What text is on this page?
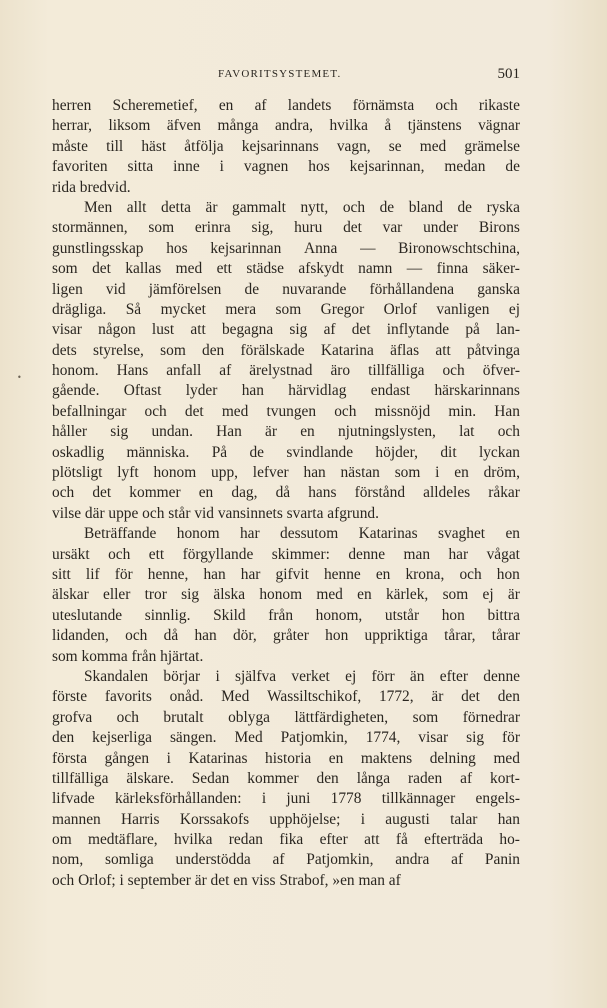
FAVORITSYSTEMET.	501
•
herren Scheremetief, en af landets förnämsta och rikaste
herrar, liksom äfven många andra, hvilka å tjänstens vägnar
måste till häst åtfölja kejsarinnans vagn, se med grämelse
favoriten sitta inne i vagnen hos kejsarinnan, medan de
rida bredvid.
Men allt detta är gammalt nytt, och de bland de ryska
stormännen, som erinra sig, huru det var under Birons
gunstlingsskap hos kejsarinnan Anna — Bironowschtschina,
som det kallas med ett städse afskydt namn — finna säker-
ligen vid jämförelsen de nuvarande förhållandena ganska
drägliga. Så mycket mera som Gregor Orlof vanligen ej
visar någon lust att begagna sig af det inflytande på lan-
dets styrelse, som den förälskade Katarina äflas att påtvinga
honom. Hans anfall af ärelystnad äro tillfälliga och öfver-
gående. Oftast lyder han härvidlag endast härskarinnans
befallningar och det med tvungen och missnöjd min. Han
håller sig undan. Han är en njutningslysten, lat och
oskadlig människa. På de svindlande höjder, dit lyckan
plötsligt lyft honom upp, lefver han nästan som i en dröm,
och det kommer en dag, då hans förstånd alldeles råkar
vilse där uppe och står vid vansinnets svarta afgrund.
Beträffande honom har dessutom Katarinas svaghet en
ursäkt och ett förgyllande skimmer: denne man har vågat
sitt lif för henne, han har gifvit henne en krona, och hon
älskar eller tror sig älska honom med en kärlek, som ej är
uteslutande sinnlig. Skild från honom, utstår hon bittra
lidanden, och då han dör, gråter hon uppriktiga tårar, tårar
som komma från hjärtat.
Skandalen börjar i själfva verket ej förr än efter denne
förste favorits onåd. Med Wassiltschikof, 1772, är det den
grofva och brutalt oblyga lättfärdigheten, som förnedrar
den kejserliga sängen. Med Patjomkin, 1774, visar sig för
första gången i Katarinas historia en maktens delning med
tillfälliga älskare. Sedan kommer den långa raden af kort-
lifvade kärleksförhållanden: i juni 1778 tillkännager engels-
mannen Harris Korssakofs upphöjelse; i augusti talar han
om medtäflare, hvilka redan fika efter att få efterträda ho-
nom, somliga understödda af Patjomkin, andra af Panin
och Orlof; i september är det en viss Strabof, »en man af
